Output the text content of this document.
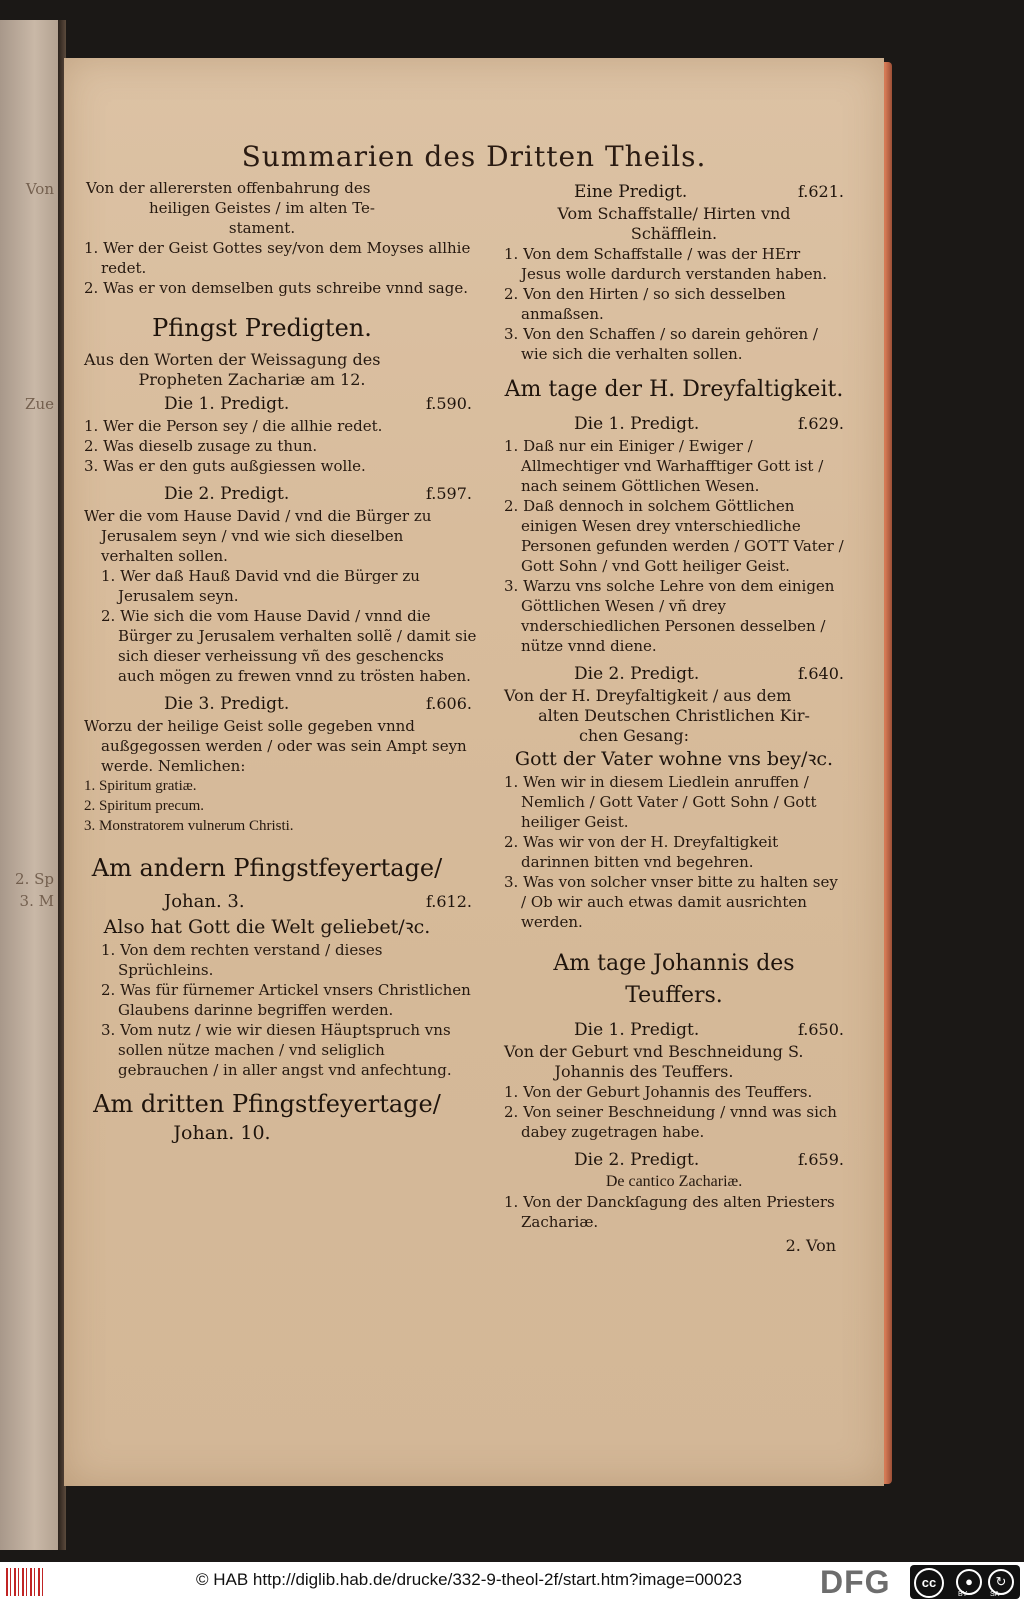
Von
Zue
2. Sp
3. M
Summarien des Dritten Theils.

Von der allerersten offenbahrung des

heiligen Geistes / im alten Te-

stament.

1. Wer der Geist Gottes sey/von dem Moyses allhie redet.

2. Was er von demselben guts schreibe vnnd sage.

Pfingst Predigten.

Aus den Worten der Weissagung des

Propheten Zachariæ am 12.

Die 1. Predigt.	f.590.

1. Wer die Person sey / die allhie redet.

2. Was dieselb zusage zu thun.

3. Was er den guts außgiessen wolle.

Die 2. Predigt.	f.597.

Wer die vom Hause David / vnd die Bürger zu Jerusalem seyn / vnd wie sich dieselben verhalten sollen.

1. Wer daß Hauß David vnd die Bürger zu Jerusalem seyn.

2. Wie sich die vom Hause David / vnnd die Bürger zu Jerusalem verhalten sollẽ / damit sie sich dieser verheissung vñ des geschencks auch mögen zu frewen vnnd zu trösten haben.

Die 3. Predigt.	f.606.

Worzu der heilige Geist solle gegeben vnnd außgegossen werden / oder was sein Ampt seyn werde. Nemlichen:

1. Spiritum gratiæ.

2. Spiritum precum.

3. Monstratorem vulnerum Christi.

Am andern Pfingstfeyertage/
Johan. 3.	f.612.
Also hat Gott die Welt geliebet/ꝛc.

1. Von dem rechten verstand / dieses Sprüchleins.

2. Was für fürnemer Artickel vnsers Christlichen Glaubens darinne begriffen werden.

3. Vom nutz / wie wir diesen Häuptspruch vns sollen nütze machen / vnd seliglich gebrauchen / in aller angst vnd anfechtung.

Am dritten Pfingstfeyertage/
Johan. 10.
Eine Predigt.	f.621.

Vom Schaffstalle/ Hirten vnd

Schäfflein.

1. Von dem Schaffstalle / was der HErr Jesus wolle dardurch verstanden haben.

2. Von den Hirten / so sich desselben anmaßsen.

3. Von den Schaffen / so darein gehören / wie sich die verhalten sollen.

Am tage der H. Dreyfaltigkeit.
Die 1. Predigt.	f.629.

1. Daß nur ein Einiger / Ewiger / Allmechtiger vnd Warhafftiger Gott ist / nach seinem Göttlichen Wesen.

2. Daß dennoch in solchem Göttlichen einigen Wesen drey vnterschiedliche Personen gefunden werden / GOTT Vater / Gott Sohn / vnd Gott heiliger Geist.

3. Warzu vns solche Lehre von dem einigen Göttlichen Wesen / vñ drey vnderschiedlichen Personen desselben / nütze vnnd diene.

Die 2. Predigt.	f.640.

Von der H. Dreyfaltigkeit / aus dem

alten Deutschen Christlichen Kir-

chen Gesang:

Gott der Vater wohne vns bey/ꝛc.

1. Wen wir in diesem Liedlein anruffen / Nemlich / Gott Vater / Gott Sohn / Gott heiliger Geist.

2. Was wir von der H. Dreyfaltigkeit darinnen bitten vnd begehren.

3. Was von solcher vnser bitte zu halten sey / Ob wir auch etwas damit ausrichten werden.

Am tage Johannis des Teuffers.
Die 1. Predigt.	f.650.

Von der Geburt vnd Beschneidung S.

Johannis des Teuffers.

1. Von der Geburt Johannis des Teuffers.

2. Von seiner Beschneidung / vnnd was sich dabey zugetragen habe.

Die 2. Predigt.	f.659.

De cantico Zachariæ.

1. Von der Danckſagung des alten Priesters Zachariæ.

2. Von
© HAB http://diglib.hab.de/drucke/332-9-theol-2f/start.htm?image=00023 DFG	cc	●	↻
BY	SA
